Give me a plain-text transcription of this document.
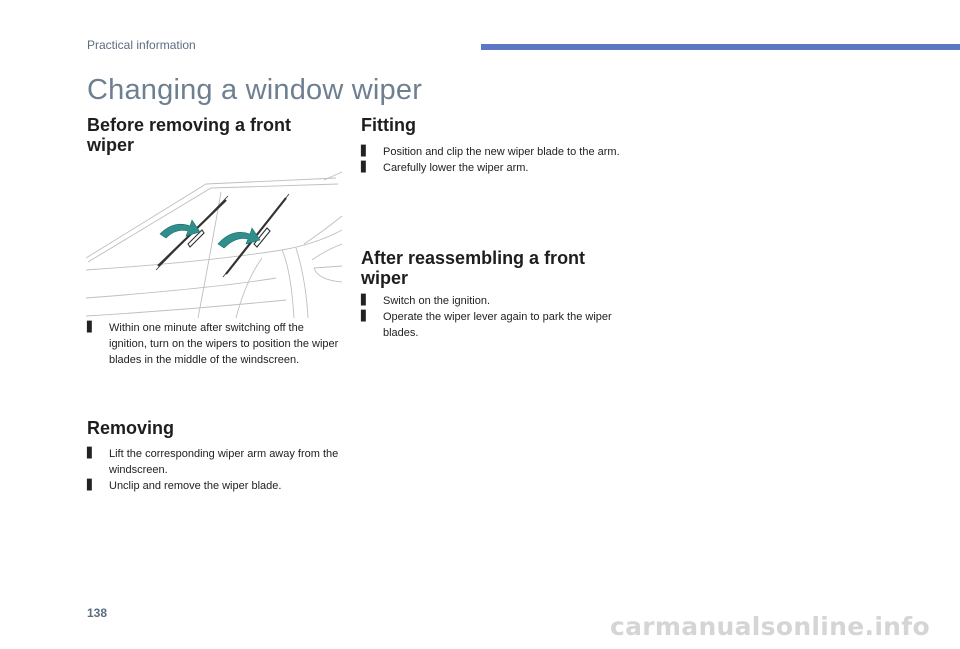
Practical information
Changing a window wiper
Before removing a front wiper
▋ Within one minute after switching off the ignition, turn on the wipers to position the wiper blades in the middle of the windscreen.
Removing
▋ Lift the corresponding wiper arm away from the windscreen.
▋ Unclip and remove the wiper blade.
Fitting
▋ Position and clip the new wiper blade to the arm.
▋ Carefully lower the wiper arm.
After reassembling a front wiper
▋ Switch on the ignition.
▋ Operate the wiper lever again to park the wiper blades.
138	carmanualsonline.info
